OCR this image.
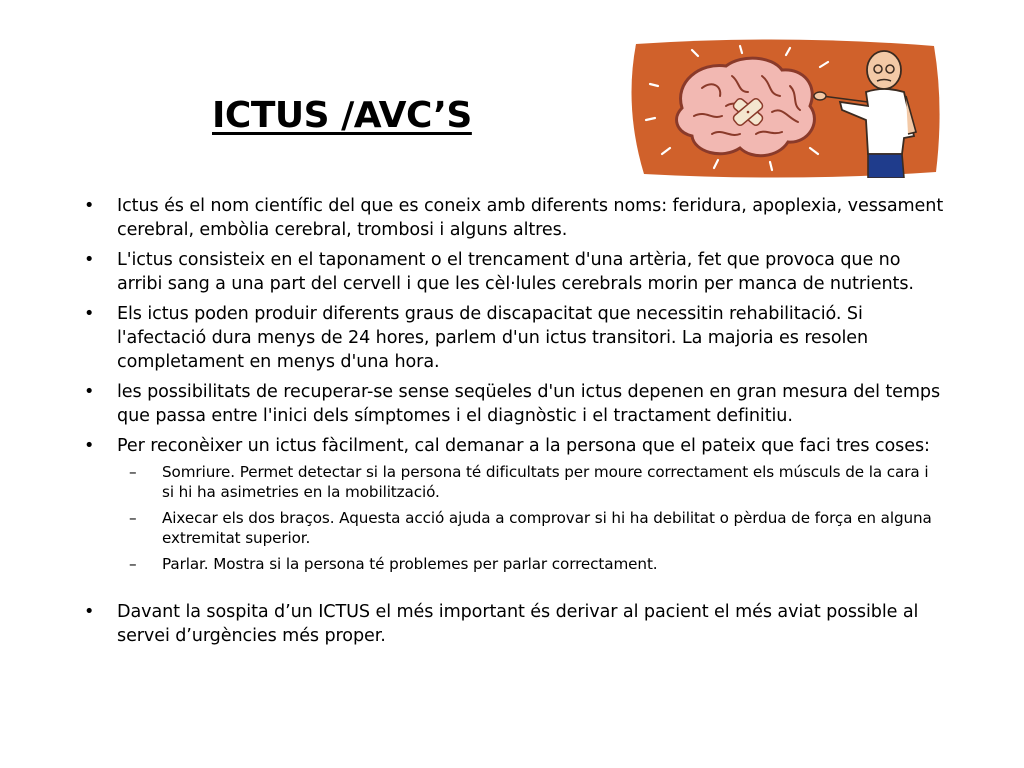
ICTUS /AVC’S
• Ictus és el nom científic del que es coneix amb diferents noms: feridura, apoplexia, vessament cerebral, embòlia cerebral, trombosi i alguns altres.
• L'ictus consisteix en el taponament o el trencament d'una artèria, fet que provoca que no arribi sang a una part del cervell i que les cèl·lules cerebrals morin per manca de nutrients.
• Els ictus poden produir diferents graus de discapacitat que necessitin rehabilitació. Si l'afectació dura menys de 24 hores, parlem d'un ictus transitori. La majoria es resolen completament en menys d'una hora.
• les possibilitats de recuperar-se sense seqüeles d'un ictus depenen en gran mesura del temps que passa entre l'inici dels símptomes i el diagnòstic i el tractament definitiu.
• Per reconèixer un ictus fàcilment, cal demanar a la persona que el pateix que faci tres coses:
– Somriure. Permet detectar si la persona té dificultats per moure correctament els músculs de la cara i si hi ha asimetries en la mobilització.
– Aixecar els dos braços. Aquesta acció ajuda a comprovar si hi ha debilitat o pèrdua de força en alguna extremitat superior.
– Parlar. Mostra si la persona té problemes per parlar correctament.
• Davant la sospita d’un ICTUS el més important és derivar al pacient el més aviat possible al servei d’urgències més proper.
